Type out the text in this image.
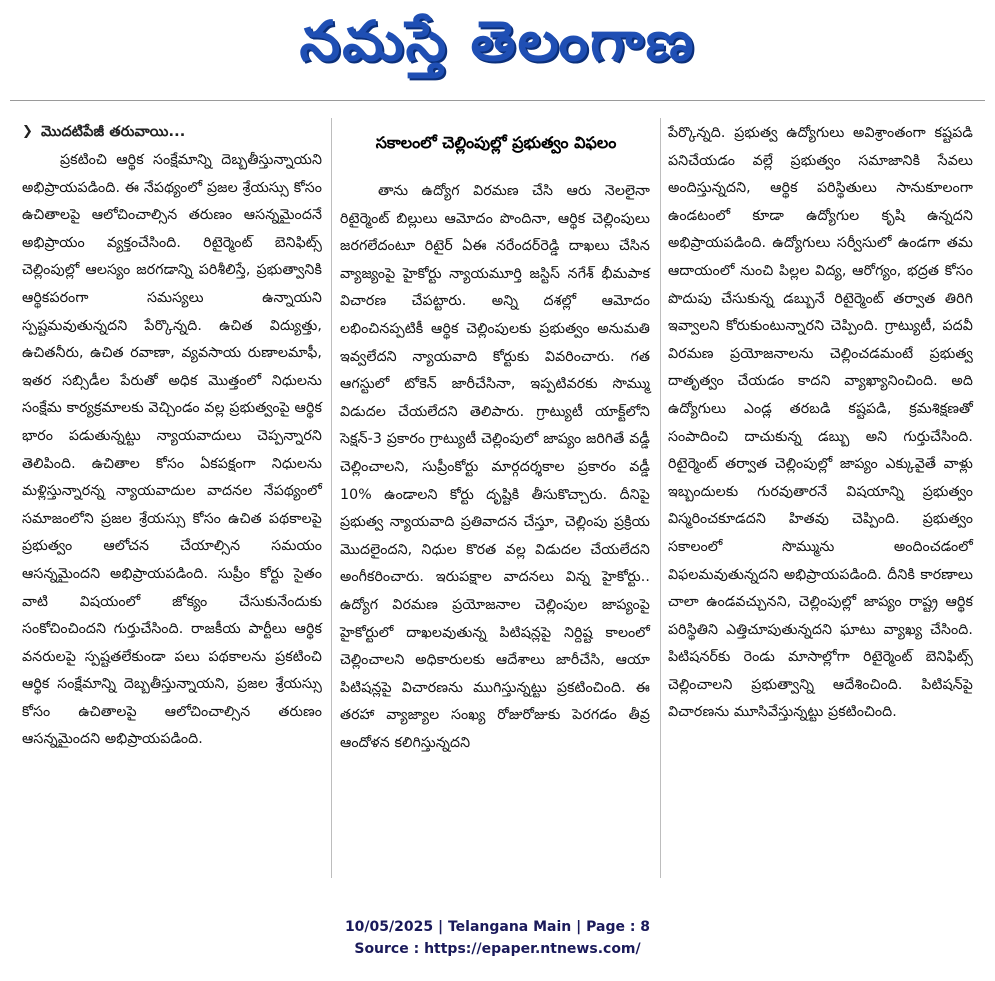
నమస్తే తెలంగాణ
❯ మొదటిపేజీ తరువాయి...

ప్రకటించి ఆర్థిక సంక్షేమాన్ని దెబ్బతీస్తున్నాయని అభిప్రాయపడింది. ఈ నేపథ్యంలో ప్రజల శ్రేయస్సు కోసం ఉచితాలపై ఆలోచించాల్సిన తరుణం ఆసన్నమైందనే అభిప్రాయం వ్యక్తంచేసింది. రిటైర్మెంట్ బెనిఫిట్స్ చెల్లింపుల్లో ఆలస్యం జరగడాన్ని పరిశీలిస్తే, ప్రభుత్వానికి ఆర్థికపరంగా సమస్యలు ఉన్నాయని స్పష్టమవుతున్నదని పేర్కొన్నది. ఉచిత విద్యుత్తు, ఉచితనీరు, ఉచిత రవాణా, వ్యవసాయ రుణాలమాఫీ, ఇతర సబ్సిడీల పేరుతో అధిక మొత్తంలో నిధులను సంక్షేమ కార్యక్రమాలకు వెచ్చిండం వల్ల ప్రభుత్వంపై ఆర్థిక భారం పడుతున్నట్టు న్యాయవాదులు చెప్పన్నారని తెలిపింది. ఉచితాల కోసం ఏకపక్షంగా నిధులను మళ్లిస్తున్నారన్న న్యాయవాదుల వాదనల నేపథ్యంలో సమాజంలోని ప్రజల శ్రేయస్సు కోసం ఉచిత పథకాలపై ప్రభుత్వం ఆలోచన చేయాల్సిన సమయం ఆసన్నమైందని అభిప్రాయపడింది. సుప్రీం కోర్టు సైతం వాటి విషయంలో జోక్యం చేసుకునేందుకు సంకోచించిందని గుర్తుచేసింది. రాజకీయ పార్టీలు ఆర్థిక వనరులపై స్పష్టతలేకుండా పలు పథకాలను ప్రకటించి ఆర్థిక సంక్షేమాన్ని దెబ్బతీస్తున్నాయని, ప్రజల శ్రేయస్సు కోసం ఉచితాలపై ఆలోచించాల్సిన తరుణం ఆసన్నమైందని అభిప్రాయపడింది.

సకాలంలో చెల్లింపుల్లో ప్రభుత్వం విఫలం

తాను ఉద్యోగ విరమణ చేసి ఆరు నెలలైనా రిటైర్మెంట్ బిల్లులు ఆమోదం పొందినా, ఆర్థిక చెల్లింపులు జరగలేదంటూ రిటైర్ ఏఈ నరేందర్‌రెడ్డి దాఖలు చేసిన వ్యాజ్యంపై హైకోర్టు న్యాయమూర్తి జస్టిస్ నగేశ్ భీమపాక విచారణ చేపట్టారు. అన్ని దశల్లో ఆమోదం లభించినప్పటికీ ఆర్థిక చెల్లింపులకు ప్రభుత్వం అనుమతి ఇవ్వలేదని న్యాయవాది కోర్టుకు వివరించారు. గత ఆగస్టులో టోకెన్ జారీచేసినా, ఇప్పటివరకు సొమ్ము విడుదల చేయలేదని తెలిపారు. గ్రాట్యుటీ యాక్ట్‌లోని సెక్షన్-3 ప్రకారం గ్రాట్యుటీ చెల్లింపులో జాప్యం జరిగితే వడ్డీ చెల్లించాలని, సుప్రీంకోర్టు మార్గదర్శకాల ప్రకారం వడ్డీ 10% ఉండాలని కోర్టు దృష్టికి తీసుకొచ్చారు. దీనిపై ప్రభుత్వ న్యాయవాది ప్రతివాదన చేస్తూ, చెల్లింపు ప్రక్రియ మొదలైందని, నిధుల కొరత వల్ల విడుదల చేయలేదని అంగీకరించారు. ఇరుపక్షాల వాదనలు విన్న హైకోర్టు.. ఉద్యోగ విరమణ ప్రయోజనాల చెల్లింపుల జాప్యంపై హైకోర్టులో దాఖలవుతున్న పిటిషన్లపై నిర్దిష్ట కాలంలో చెల్లించాలని అధికారులకు ఆదేశాలు జారీచేసి, ఆయా పిటిషన్లపై విచారణను ముగిస్తున్నట్టు ప్రకటించింది. ఈ తరహా వ్యాజ్యాల సంఖ్య రోజురోజుకు పెరగడం తీవ్ర ఆందోళన కలిగిస్తున్నదని

పేర్కొన్నది. ప్రభుత్వ ఉద్యోగులు అవిశ్రాంతంగా కష్టపడి పనిచేయడం వల్లే ప్రభుత్వం సమాజానికి సేవలు అందిస్తున్నదని, ఆర్థిక పరిస్థితులు సానుకూలంగా ఉండటంలో కూడా ఉద్యోగుల కృషి ఉన్నదని అభిప్రాయపడింది. ఉద్యోగులు సర్వీసులో ఉండగా తమ ఆదాయంలో నుంచి పిల్లల విద్య, ఆరోగ్యం, భద్రత కోసం పొదుపు చేసుకున్న డబ్బునే రిటైర్మెంట్ తర్వాత తిరిగి ఇవ్వాలని కోరుకుంటున్నారని చెప్పింది. గ్రాట్యుటీ, పదవీ విరమణ ప్రయోజనాలను చెల్లించడమంటే ప్రభుత్వ దాతృత్వం చేయడం కాదని వ్యాఖ్యానించింది. అది ఉద్యోగులు ఎండ్ల తరబడి కష్టపడి, క్రమశిక్షణతో సంపాదించి దాచుకున్న డబ్బు అని గుర్తుచేసింది. రిటైర్మెంట్ తర్వాత చెల్లింపుల్లో జాప్యం ఎక్కువైతే వాళ్లు ఇబ్బందులకు గురవుతారనే విషయాన్ని ప్రభుత్వం విస్మరించకూడదని హితవు చెప్పింది. ప్రభుత్వం సకాలంలో సొమ్మును అందించడంలో విఫలమవుతున్నదని అభిప్రాయపడింది. దీనికి కారణాలు చాలా ఉండవచ్చునని, చెల్లింపుల్లో జాప్యం రాష్ట్ర ఆర్థిక పరిస్థితిని ఎత్తిచూపుతున్నదని ఘాటు వ్యాఖ్య చేసింది. పిటిషనర్‌కు రెండు మాసాల్లోగా రిటైర్మెంట్ బెనిఫిట్స్ చెల్లించాలని ప్రభుత్వాన్ని ఆదేశించింది. పిటిషన్‌పై విచారణను మూసివేస్తున్నట్టు ప్రకటించింది.

10/05/2025 | Telangana Main | Page : 8
Source : https://epaper.ntnews.com/
